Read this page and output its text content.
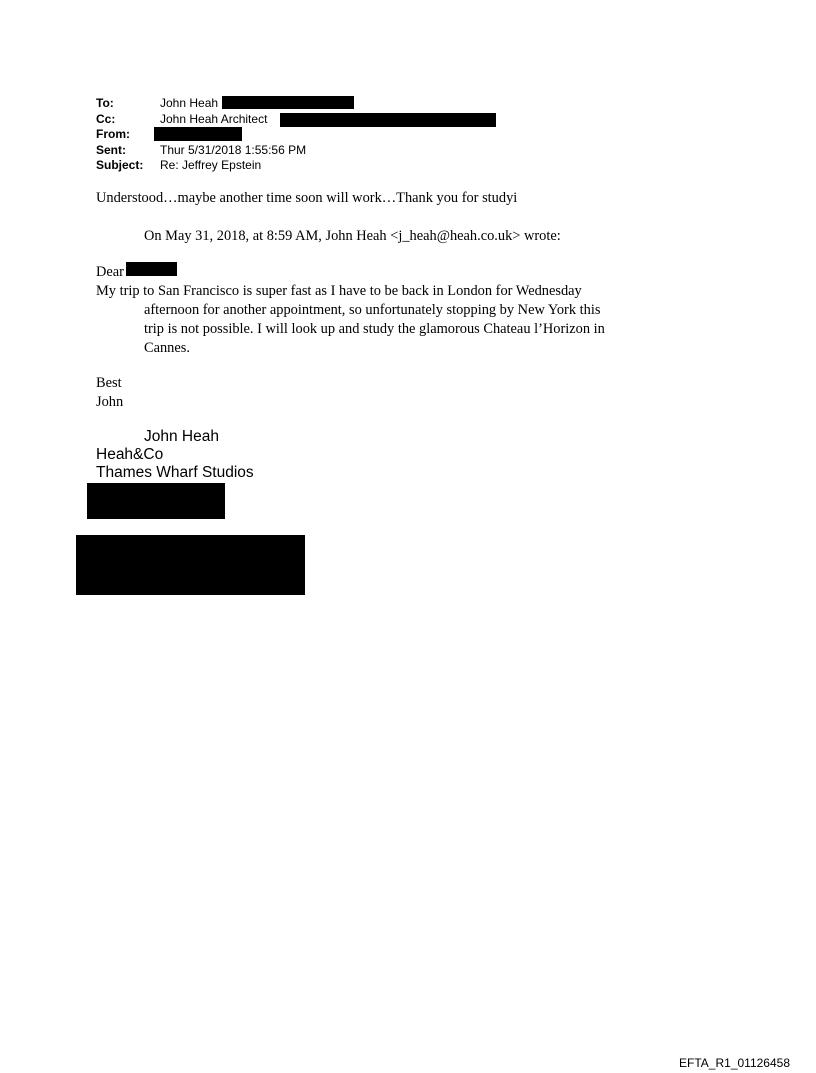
To:	John Heah
Cc:	John Heah Architect
From:
Sent:	Thur 5/31/2018 1:55:56 PM
Subject: Re: Jeffrey Epstein
Understood…maybe another time soon will work…Thank you for studyi
On May 31, 2018, at 8:59 AM, John Heah <j_heah@heah.co.uk> wrote:
Dear
My trip to San Francisco is super fast as I have to be back in London for Wednesday
afternoon for another appointment, so unfortunately stopping by New York this
trip is not possible. I will look up and study the glamorous Chateau l’Horizon in
Cannes.
Best
John
John Heah
Heah&Co
Thames Wharf Studios
EFTA_R1_01126458
